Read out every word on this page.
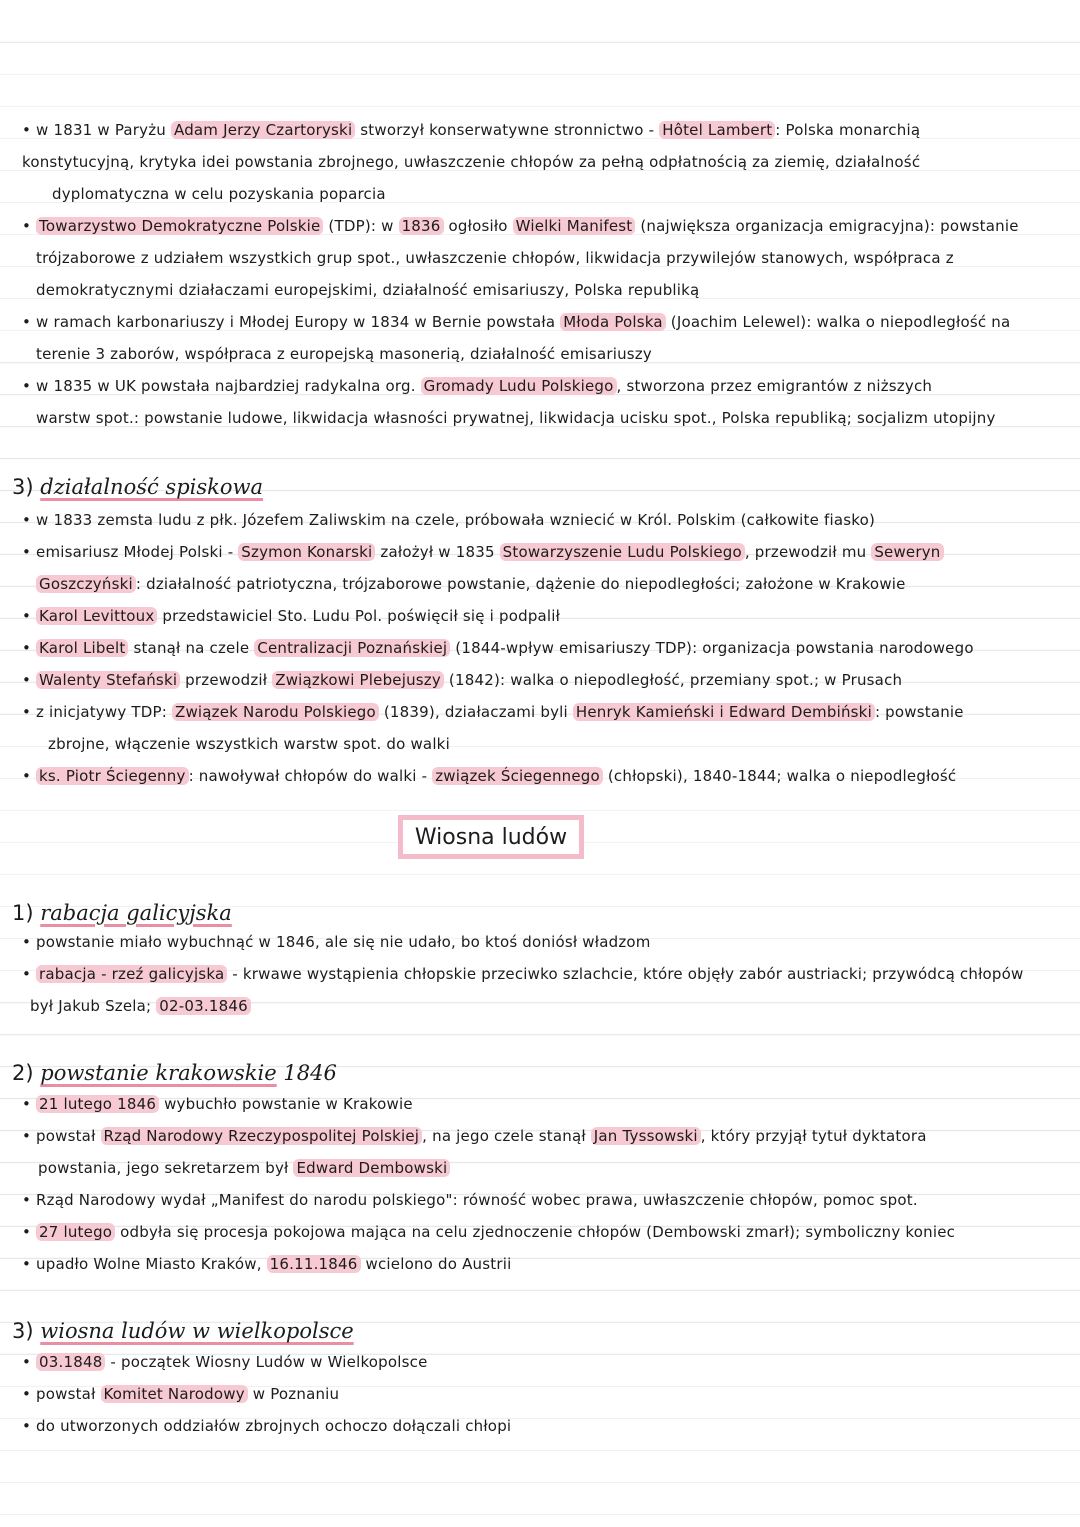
• w 1831 w Paryżu Adam Jerzy Czartoryski stworzył konserwatywne stronnictwo - Hôtel Lambert : Polska monarchią
konstytucyjną, krytyka idei powstania zbrojnego, uwłaszczenie chłopów za pełną odpłatnością za ziemię, działalność
dyplomatyczna w celu pozyskania poparcia
• Towarzystwo Demokratyczne Polskie (TDP): w 1836 ogłosiło Wielki Manifest (największa organizacja emigracyjna): powstanie
trójzaborowe z udziałem wszystkich grup spot., uwłaszczenie chłopów, likwidacja przywilejów stanowych, współpraca z
demokratycznymi działaczami europejskimi, działalność emisariuszy, Polska republiką
• w ramach karbonariuszy i Młodej Europy w 1834 w Bernie powstała Młoda Polska (Joachim Lelewel): walka o niepodległość na
terenie 3 zaborów, współpraca z europejską masonerią, działalność emisariuszy
• w 1835 w UK powstała najbardziej radykalna org. Gromady Ludu Polskiego , stworzona przez emigrantów z niższych
warstw spot.: powstanie ludowe, likwidacja własności prywatnej, likwidacja ucisku spot., Polska republiką; socjalizm utopijny
3) działalność spiskowa
• w 1833 zemsta ludu z płk. Józefem Zaliwskim na czele, próbowała wzniecić w Król. Polskim (całkowite fiasko)
• emisariusz Młodej Polski - Szymon Konarski założył w 1835 Stowarzyszenie Ludu Polskiego , przewodził mu Seweryn
Goszczyński : działalność patriotyczna, trójzaborowe powstanie, dążenie do niepodległości; założone w Krakowie
• Karol Levittoux przedstawiciel Sto. Ludu Pol. poświęcił się i podpalił
• Karol Libelt stanął na czele Centralizacji Poznańskiej (1844-wpływ emisariuszy TDP): organizacja powstania narodowego
• Walenty Stefański przewodził Związkowi Plebejuszy (1842): walka o niepodległość, przemiany spot.; w Prusach
• z inicjatywy TDP: Związek Narodu Polskiego (1839), działaczami byli Henryk Kamieński i Edward Dembiński : powstanie
zbrojne, włączenie wszystkich warstw spot. do walki
• ks. Piotr Ściegenny : nawoływał chłopów do walki - związek Ściegennego (chłopski), 1840-1844; walka o niepodległość
Wiosna ludów
1) rabacja galicyjska
• powstanie miało wybuchnąć w 1846, ale się nie udało, bo ktoś doniósł władzom
• rabacja - rzeź galicyjska - krwawe wystąpienia chłopskie przeciwko szlachcie, które objęły zabór austriacki; przywódcą chłopów
był Jakub Szela; 02-03.1846
2) powstanie krakowskie 1846
• 21 lutego 1846 wybuchło powstanie w Krakowie
• powstał Rząd Narodowy Rzeczypospolitej Polskiej , na jego czele stanął Jan Tyssowski , który przyjął tytuł dyktatora
powstania, jego sekretarzem był Edward Dembowski
• Rząd Narodowy wydał „Manifest do narodu polskiego": równość wobec prawa, uwłaszczenie chłopów, pomoc spot.
• 27 lutego odbyła się procesja pokojowa mająca na celu zjednoczenie chłopów (Dembowski zmarł); symboliczny koniec
• upadło Wolne Miasto Kraków, 16.11.1846 wcielono do Austrii
3) wiosna ludów w wielkopolsce
• 03.1848 - początek Wiosny Ludów w Wielkopolsce
• powstał Komitet Narodowy w Poznaniu
• do utworzonych oddziałów zbrojnych ochoczo dołączali chłopi
